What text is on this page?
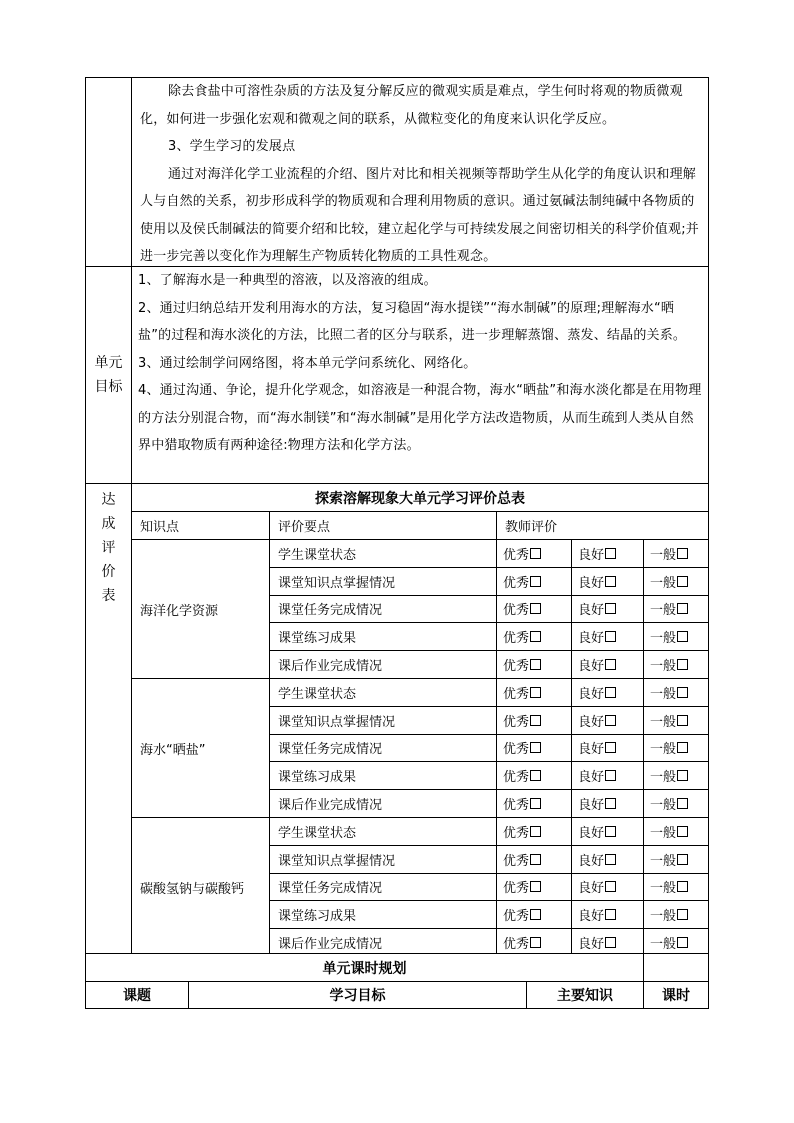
除去食盐中可溶性杂质的方法及复分解反应的微观实质是难点，学生何时将观的物质微观化，如何进一步强化宏观和微观之间的联系，从微粒变化的角度来认识化学反应。
3、学生学习的发展点
通过对海洋化学工业流程的介绍、图片对比和相关视频等帮助学生从化学的角度认识和理解人与自然的关系，初步形成科学的物质观和合理利用物质的意识。通过氨碱法制纯碱中各物质的使用以及侯氏制碱法的简要介绍和比较，建立起化学与可持续发展之间密切相关的科学价值观;并进一步完善以变化作为理解生产物质转化物质的工具性观念。
单元
目标
1、了解海水是一种典型的溶液，以及溶液的组成。
2、通过归纳总结开发利用海水的方法，复习稳固“海水提镁”“海水制碱”的原理;理解海水“晒盐”的过程和海水淡化的方法，比照二者的区分与联系，进一步理解蒸馏、蒸发、结晶的关系。
3、通过绘制学问网络图，将本单元学问系统化、网络化。
4、通过沟通、争论，提升化学观念，如溶液是一种混合物，海水“晒盐”和海水淡化都是在用物理的方法分别混合物，而“海水制镁”和“海水制碱”是用化学方法改造物质，从而生疏到人类从自然界中猎取物质有两种途径:物理方法和化学方法。
达
成
评
价
表
探索溶解现象大单元学习评价总表
知识点	评价要点	教师评价
海洋化学资源
学生课堂状态	优秀	良好	一般
课堂知识点掌握情况	优秀	良好	一般
课堂任务完成情况	优秀	良好	一般
课堂练习成果	优秀	良好	一般
课后作业完成情况	优秀	良好	一般
海水“晒盐”
学生课堂状态	优秀	良好	一般
课堂知识点掌握情况	优秀	良好	一般
课堂任务完成情况	优秀	良好	一般
课堂练习成果	优秀	良好	一般
课后作业完成情况	优秀	良好	一般
碳酸氢钠与碳酸钙
学生课堂状态	优秀	良好	一般
课堂知识点掌握情况	优秀	良好	一般
课堂任务完成情况	优秀	良好	一般
课堂练习成果	优秀	良好	一般
课后作业完成情况	优秀	良好	一般
单元课时规划
课题	学习目标	主要知识	课时
